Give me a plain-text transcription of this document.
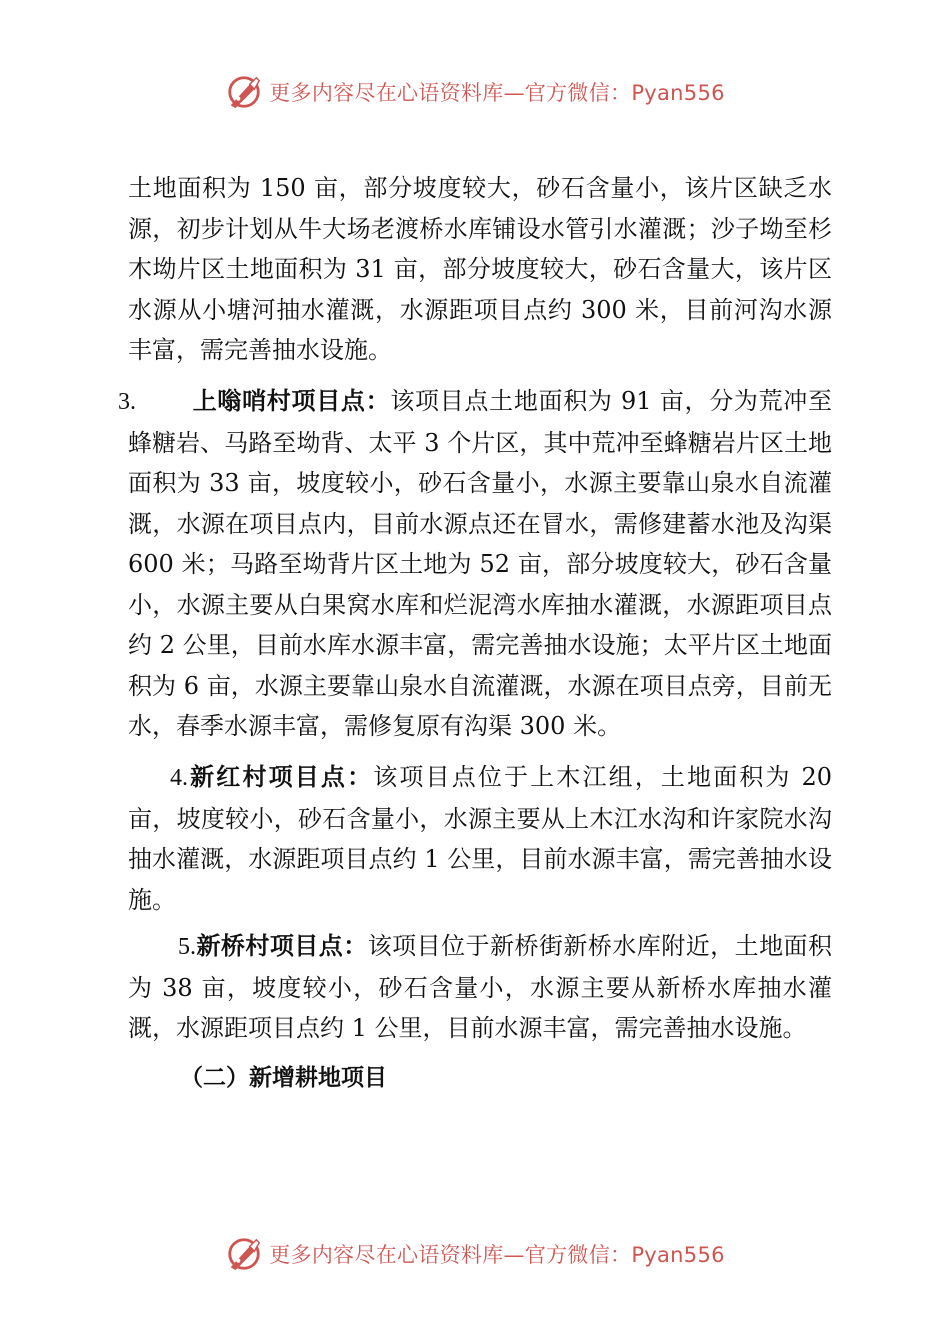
更多内容尽在心语资料库—官方微信：Pyan556

土地面积为 150 亩，部分坡度较大，砂石含量小，该片区缺乏水源，初步计划从牛大场老渡桥水库铺设水管引水灌溉；沙子坳至杉木坳片区土地面积为 31 亩，部分坡度较大，砂石含量大，该片区水源从小塘河抽水灌溉，水源距项目点约 300 米，目前河沟水源丰富，需完善抽水设施。

3. 上嗡哨村项目点：该项目点土地面积为 91 亩，分为荒冲至蜂糖岩、马路至坳背、太平 3 个片区，其中荒冲至蜂糖岩片区土地面积为 33 亩，坡度较小，砂石含量小，水源主要靠山泉水自流灌溉，水源在项目点内，目前水源点还在冒水，需修建蓄水池及沟渠 600 米；马路至坳背片区土地为 52 亩，部分坡度较大，砂石含量小，水源主要从白果窝水库和烂泥湾水库抽水灌溉，水源距项目点约 2 公里，目前水库水源丰富，需完善抽水设施；太平片区土地面积为 6 亩，水源主要靠山泉水自流灌溉，水源在项目点旁，目前无水，春季水源丰富，需修复原有沟渠 300 米。

4.新红村项目点：该项目点位于上木江组，土地面积为 20 亩，坡度较小，砂石含量小，水源主要从上木江水沟和许家院水沟抽水灌溉，水源距项目点约 1 公里，目前水源丰富，需完善抽水设施。

5.新桥村项目点：该项目位于新桥街新桥水库附近，土地面积为 38 亩，坡度较小，砂石含量小，水源主要从新桥水库抽水灌溉，水源距项目点约 1 公里，目前水源丰富，需完善抽水设施。

（二）新增耕地项目
更多内容尽在心语资料库—官方微信：Pyan556
